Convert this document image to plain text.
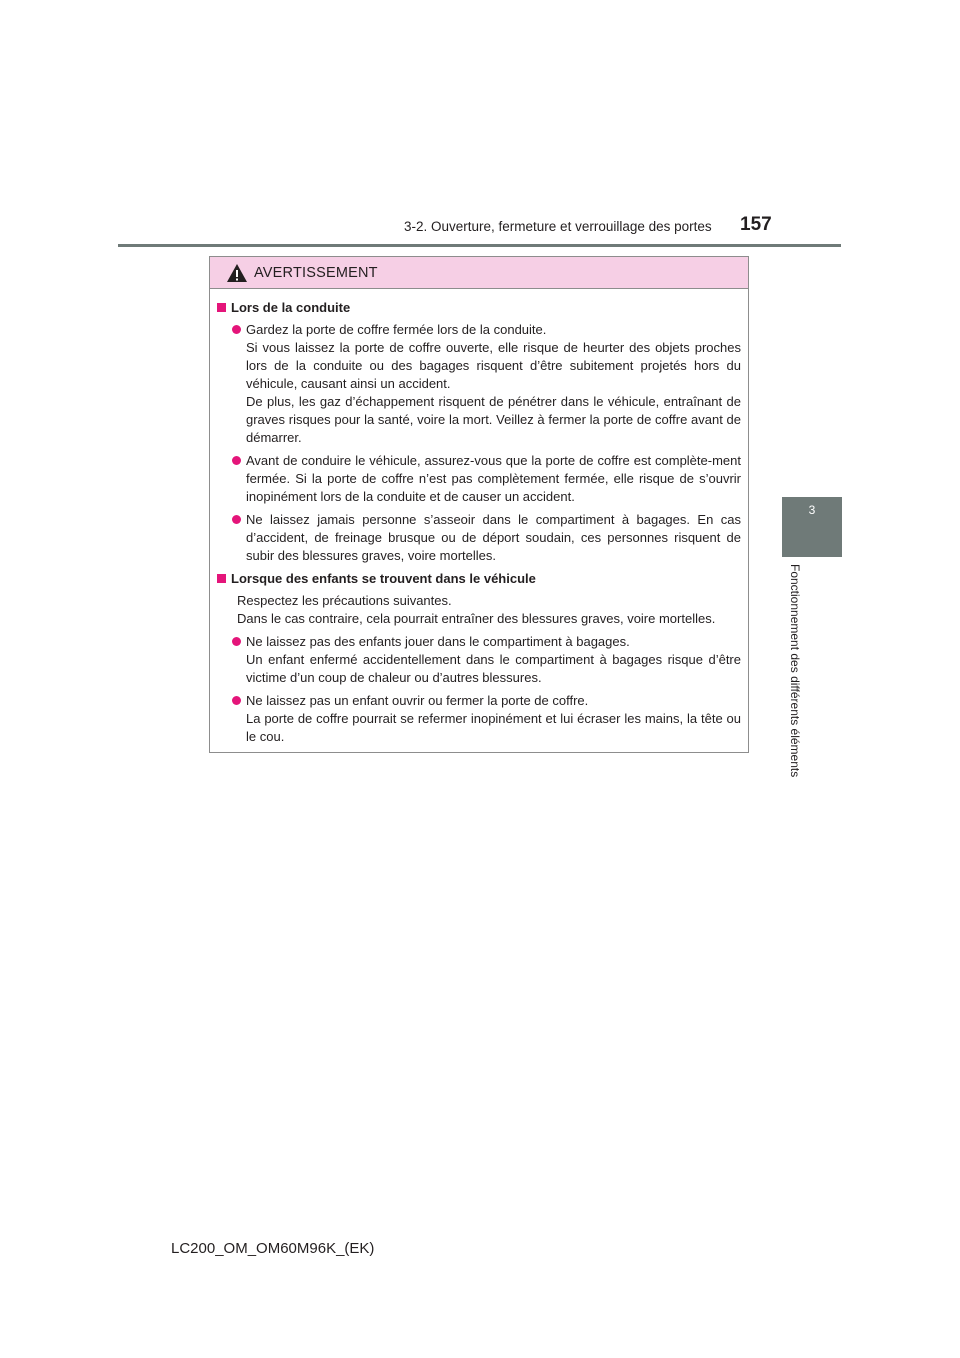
3-2. Ouverture, fermeture et verrouillage des portes 157
3
Fonctionnement des différents éléments
AVERTISSEMENT
Lors de la conduite

Gardez la porte de coffre fermée lors de la conduite.

Si vous laissez la porte de coffre ouverte, elle risque de heurter des objets proches lors de la conduite ou des bagages risquent d’être subitement projetés hors du véhicule, causant ainsi un accident.

De plus, les gaz d’échappement risquent de pénétrer dans le véhicule, entraînant de graves risques pour la santé, voire la mort. Veillez à fermer la porte de coffre avant de démarrer.

Avant de conduire le véhicule, assurez-vous que la porte de coffre est complète-ment fermée. Si la porte de coffre n’est pas complètement fermée, elle risque de s’ouvrir inopinément lors de la conduite et de causer un accident.

Ne laissez jamais personne s’asseoir dans le compartiment à bagages. En cas d’accident, de freinage brusque ou de déport soudain, ces personnes risquent de subir des blessures graves, voire mortelles.

Lorsque des enfants se trouvent dans le véhicule
Respectez les précautions suivantes.
Dans le cas contraire, cela pourrait entraîner des blessures graves, voire mortelles.

Ne laissez pas des enfants jouer dans le compartiment à bagages.

Un enfant enfermé accidentellement dans le compartiment à bagages risque d’être victime d’un coup de chaleur ou d’autres blessures.

Ne laissez pas un enfant ouvrir ou fermer la porte de coffre.

La porte de coffre pourrait se refermer inopinément et lui écraser les mains, la tête ou le cou.

LC200_OM_OM60M96K_(EK)
